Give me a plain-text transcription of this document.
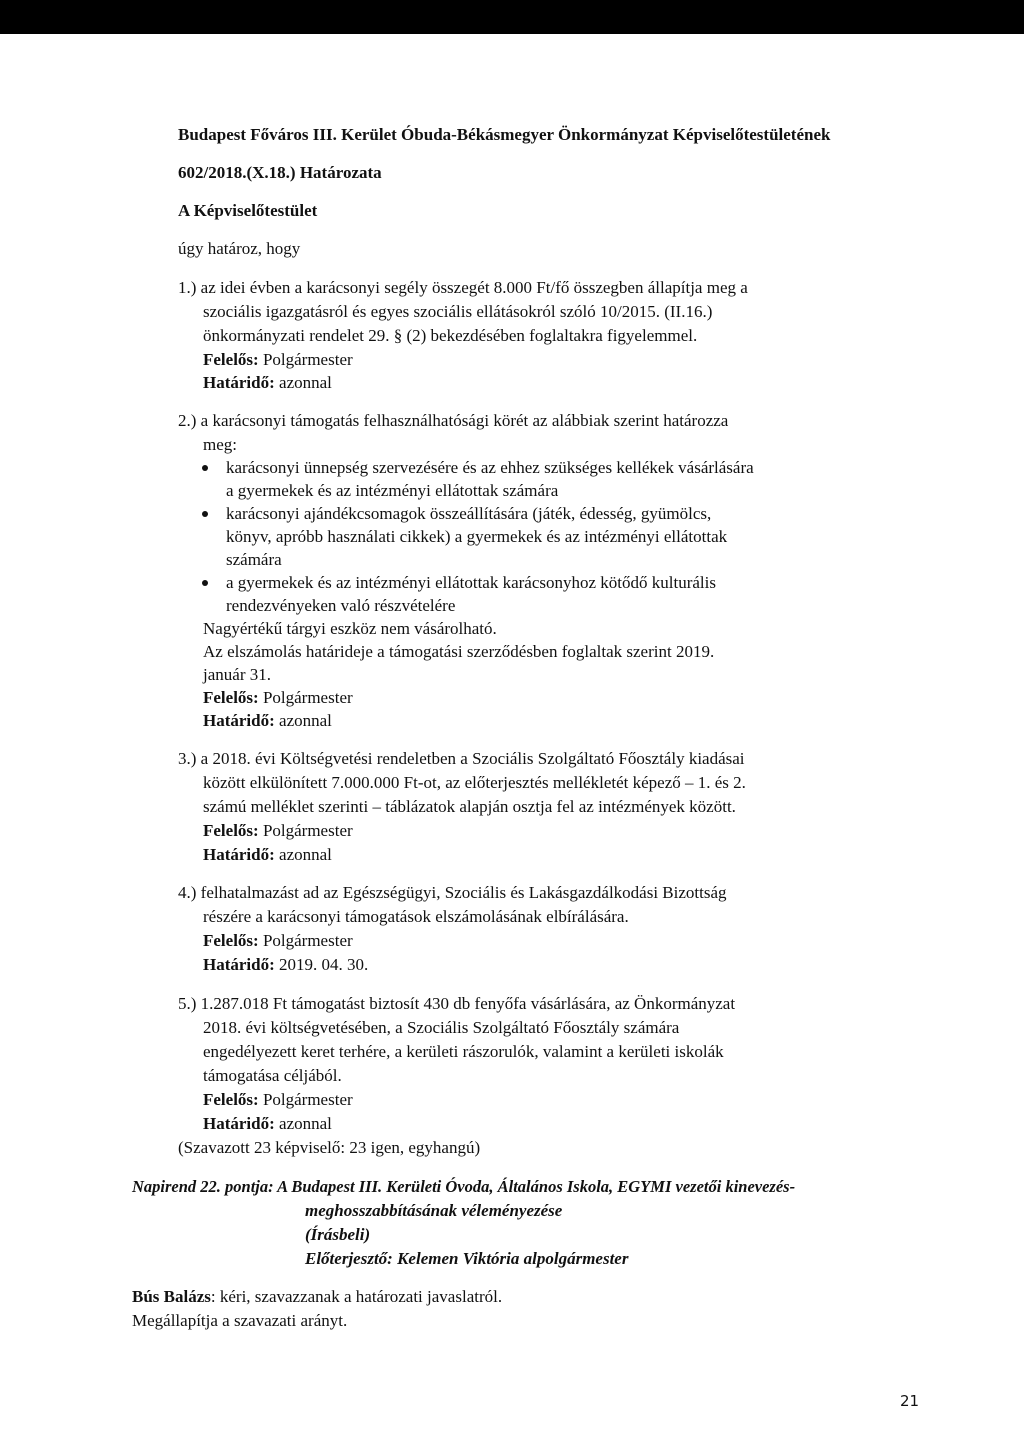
Budapest Főváros III. Kerület Óbuda-Békásmegyer Önkormányzat Képviselőtestületének
602/2018.(X.18.) Határozata
A Képviselőtestület
úgy határoz, hogy
1.) az idei évben a karácsonyi segély összegét 8.000 Ft/fő összegben állapítja meg a
szociális igazgatásról és egyes szociális ellátásokról szóló 10/2015. (II.16.)
önkormányzati rendelet 29. § (2) bekezdésében foglaltakra figyelemmel.
Felelős: Polgármester
Határidő: azonnal
2.) a karácsonyi támogatás felhasználhatósági körét az alábbiak szerint határozza
meg:
karácsonyi ünnepség szervezésére és az ehhez szükséges kellékek vásárlására
a gyermekek és az intézményi ellátottak számára
karácsonyi ajándékcsomagok összeállítására (játék, édesség, gyümölcs,
könyv, apróbb használati cikkek) a gyermekek és az intézményi ellátottak
számára
a gyermekek és az intézményi ellátottak karácsonyhoz kötődő kulturális
rendezvényeken való részvételére
Nagyértékű tárgyi eszköz nem vásárolható.
Az elszámolás határideje a támogatási szerződésben foglaltak szerint 2019.
január 31.
Felelős: Polgármester
Határidő: azonnal
3.) a 2018. évi Költségvetési rendeletben a Szociális Szolgáltató Főosztály kiadásai
között elkülönített 7.000.000 Ft-ot, az előterjesztés mellékletét képező – 1. és 2.
számú melléklet szerinti – táblázatok alapján osztja fel az intézmények között.
Felelős: Polgármester
Határidő: azonnal
4.) felhatalmazást ad az Egészségügyi, Szociális és Lakásgazdálkodási Bizottság
részére a karácsonyi támogatások elszámolásának elbírálására.
Felelős: Polgármester
Határidő: 2019. 04. 30.
5.) 1.287.018 Ft támogatást biztosít 430 db fenyőfa vásárlására, az Önkormányzat
2018. évi költségvetésében, a Szociális Szolgáltató Főosztály számára
engedélyezett keret terhére, a kerületi rászorulók, valamint a kerületi iskolák
támogatása céljából.
Felelős: Polgármester
Határidő: azonnal
(Szavazott 23 képviselő: 23 igen, egyhangú)
Napirend 22. pontja: A Budapest III. Kerületi Óvoda, Általános Iskola, EGYMI vezetői kinevezés-
meghosszabbításának véleményezése
(Írásbeli)
Előterjesztő: Kelemen Viktória alpolgármester
Bús Balázs: kéri, szavazzanak a határozati javaslatról.
Megállapítja a szavazati arányt.
21
